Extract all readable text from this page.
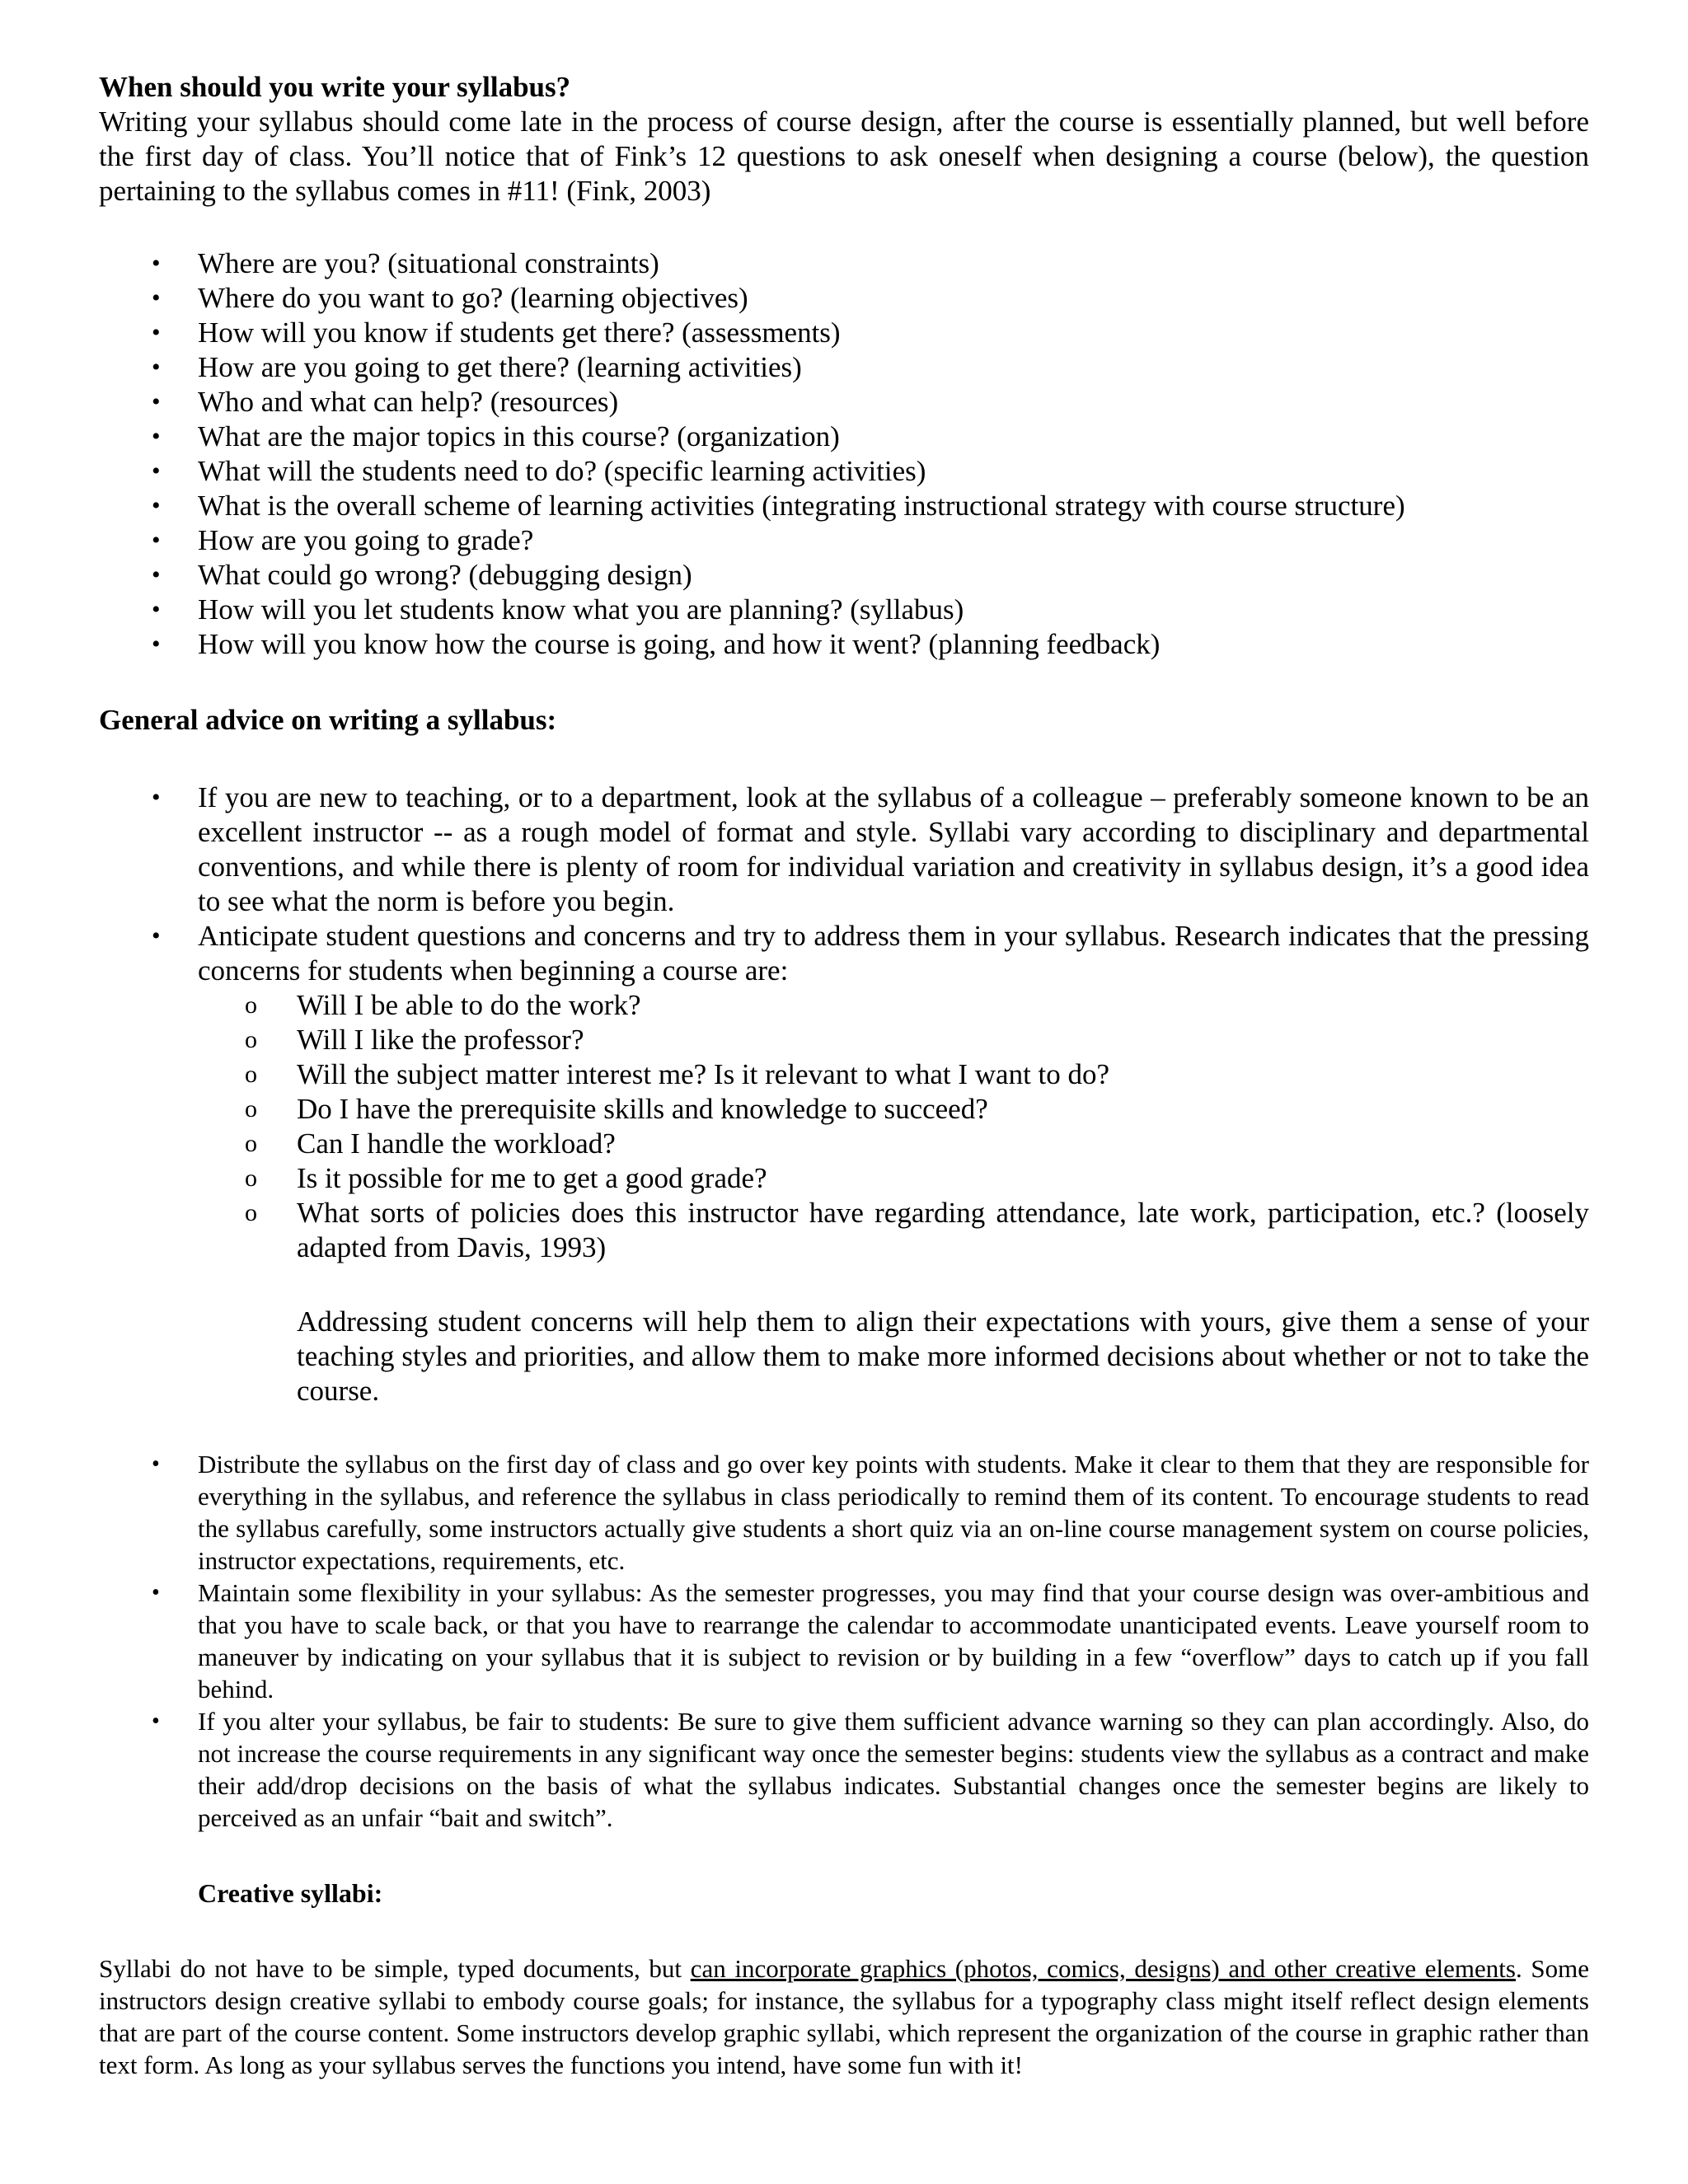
When should you write your syllabus?

Writing your syllabus should come late in the process of course design, after the course is essentially planned, but well before the first day of class. You’ll notice that of Fink’s 12 questions to ask oneself when designing a course (below), the question pertaining to the syllabus comes in #11! (Fink, 2003)

• Where are you? (situational constraints)
• Where do you want to go? (learning objectives)
• How will you know if students get there? (assessments)
• How are you going to get there? (learning activities)
• Who and what can help? (resources)
• What are the major topics in this course? (organization)
• What will the students need to do? (specific learning activities)
• What is the overall scheme of learning activities (integrating instructional strategy with course structure)
• How are you going to grade?
• What could go wrong? (debugging design)
• How will you let students know what you are planning? (syllabus)
• How will you know how the course is going, and how it went? (planning feedback)
General advice on writing a syllabus:
• If you are new to teaching, or to a department, look at the syllabus of a colleague – preferably someone known to be an excellent instructor -- as a rough model of format and style. Syllabi vary according to disciplinary and departmental conventions, and while there is plenty of room for individual variation and creativity in syllabus design, it’s a good idea to see what the norm is before you begin.
• Anticipate student questions and concerns and try to address them in your syllabus. Research indicates that the pressing concerns for students when beginning a course are:
o Will I be able to do the work?
o Will I like the professor?
o Will the subject matter interest me? Is it relevant to what I want to do?
o Do I have the prerequisite skills and knowledge to succeed?
o Can I handle the workload?
o Is it possible for me to get a good grade?
o What sorts of policies does this instructor have regarding attendance, late work, participation, etc.? (loosely adapted from Davis, 1993)
Addressing student concerns will help them to align their expectations with yours, give them a sense of your teaching styles and priorities, and allow them to make more informed decisions about whether or not to take the course.
• Distribute the syllabus on the first day of class and go over key points with students. Make it clear to them that they are responsible for everything in the syllabus, and reference the syllabus in class periodically to remind them of its content. To encourage students to read the syllabus carefully, some instructors actually give students a short quiz via an on-line course management system on course policies, instructor expectations, requirements, etc.
• Maintain some flexibility in your syllabus: As the semester progresses, you may find that your course design was over-ambitious and that you have to scale back, or that you have to rearrange the calendar to accommodate unanticipated events. Leave yourself room to maneuver by indicating on your syllabus that it is subject to revision or by building in a few “overflow” days to catch up if you fall behind.
• If you alter your syllabus, be fair to students: Be sure to give them sufficient advance warning so they can plan accordingly. Also, do not increase the course requirements in any significant way once the semester begins: students view the syllabus as a contract and make their add/drop decisions on the basis of what the syllabus indicates. Substantial changes once the semester begins are likely to perceived as an unfair “bait and switch”.
Creative syllabi:

Syllabi do not have to be simple, typed documents, but can incorporate graphics (photos, comics, designs) and other creative elements. Some instructors design creative syllabi to embody course goals; for instance, the syllabus for a typography class might itself reflect design elements that are part of the course content. Some instructors develop graphic syllabi, which represent the organization of the course in graphic rather than text form. As long as your syllabus serves the functions you intend, have some fun with it!
